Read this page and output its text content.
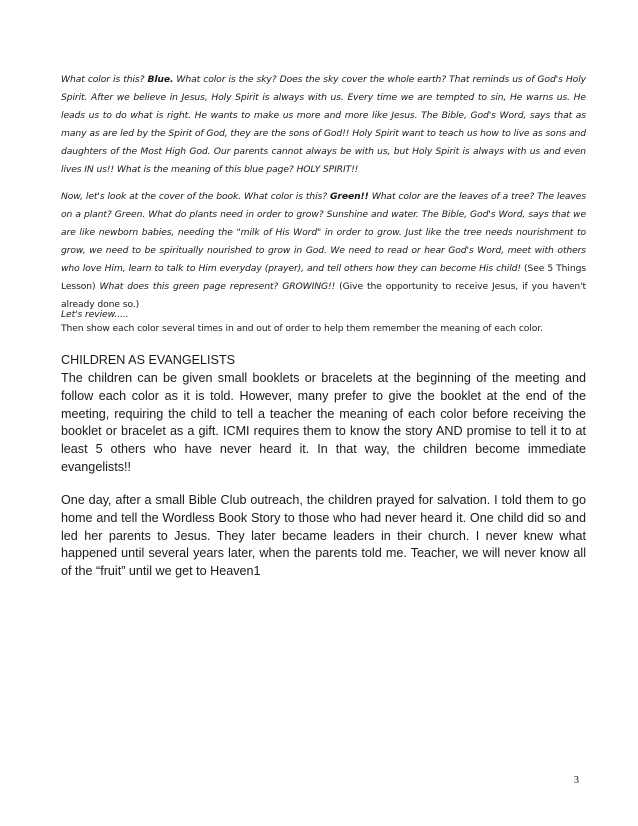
What color is this? Blue. What color is the sky? Does the sky cover the whole earth? That reminds us of God's Holy Spirit. After we believe in Jesus, Holy Spirit is always with us. Every time we are tempted to sin, He warns us. He leads us to do what is right. He wants to make us more and more like Jesus. The Bible, God's Word, says that as many as are led by the Spirit of God, they are the sons of God!! Holy Spirit want to teach us how to live as sons and daughters of the Most High God. Our parents cannot always be with us, but Holy Spirit is always with us and even lives IN us!! What is the meaning of this blue page? HOLY SPIRIT!!

Now, let's look at the cover of the book. What color is this? Green!! What color are the leaves of a tree? The leaves on a plant? Green. What do plants need in order to grow? Sunshine and water. The Bible, God's Word, says that we are like newborn babies, needing the "milk of His Word" in order to grow. Just like the tree needs nourishment to grow, we need to be spiritually nourished to grow in God. We need to read or hear God's Word, meet with others who love Him, learn to talk to Him everyday (prayer), and tell others how they can become His child! (See 5 Things Lesson) What does this green page represent? GROWING!! (Give the opportunity to receive Jesus, if you haven't already done so.)

Let's review.....

Then show each color several times in and out of order to help them remember the meaning of each color.

CHILDREN AS EVANGELISTS

The children can be given small booklets or bracelets at the beginning of the meeting and follow each color as it is told. However, many prefer to give the booklet at the end of the meeting, requiring the child to tell a teacher the meaning of each color before receiving the booklet or bracelet as a gift. ICMI requires them to know the story AND promise to tell it to at least 5 others who have never heard it. In that way, the children become immediate evangelists!!

One day, after a small Bible Club outreach, the children prayed for salvation. I told them to go home and tell the Wordless Book Story to those who had never heard it. One child did so and led her parents to Jesus. They later became leaders in their church. I never knew what happened until several years later, when the parents told me. Teacher, we will never know all of the “fruit” until we get to Heaven1

3
